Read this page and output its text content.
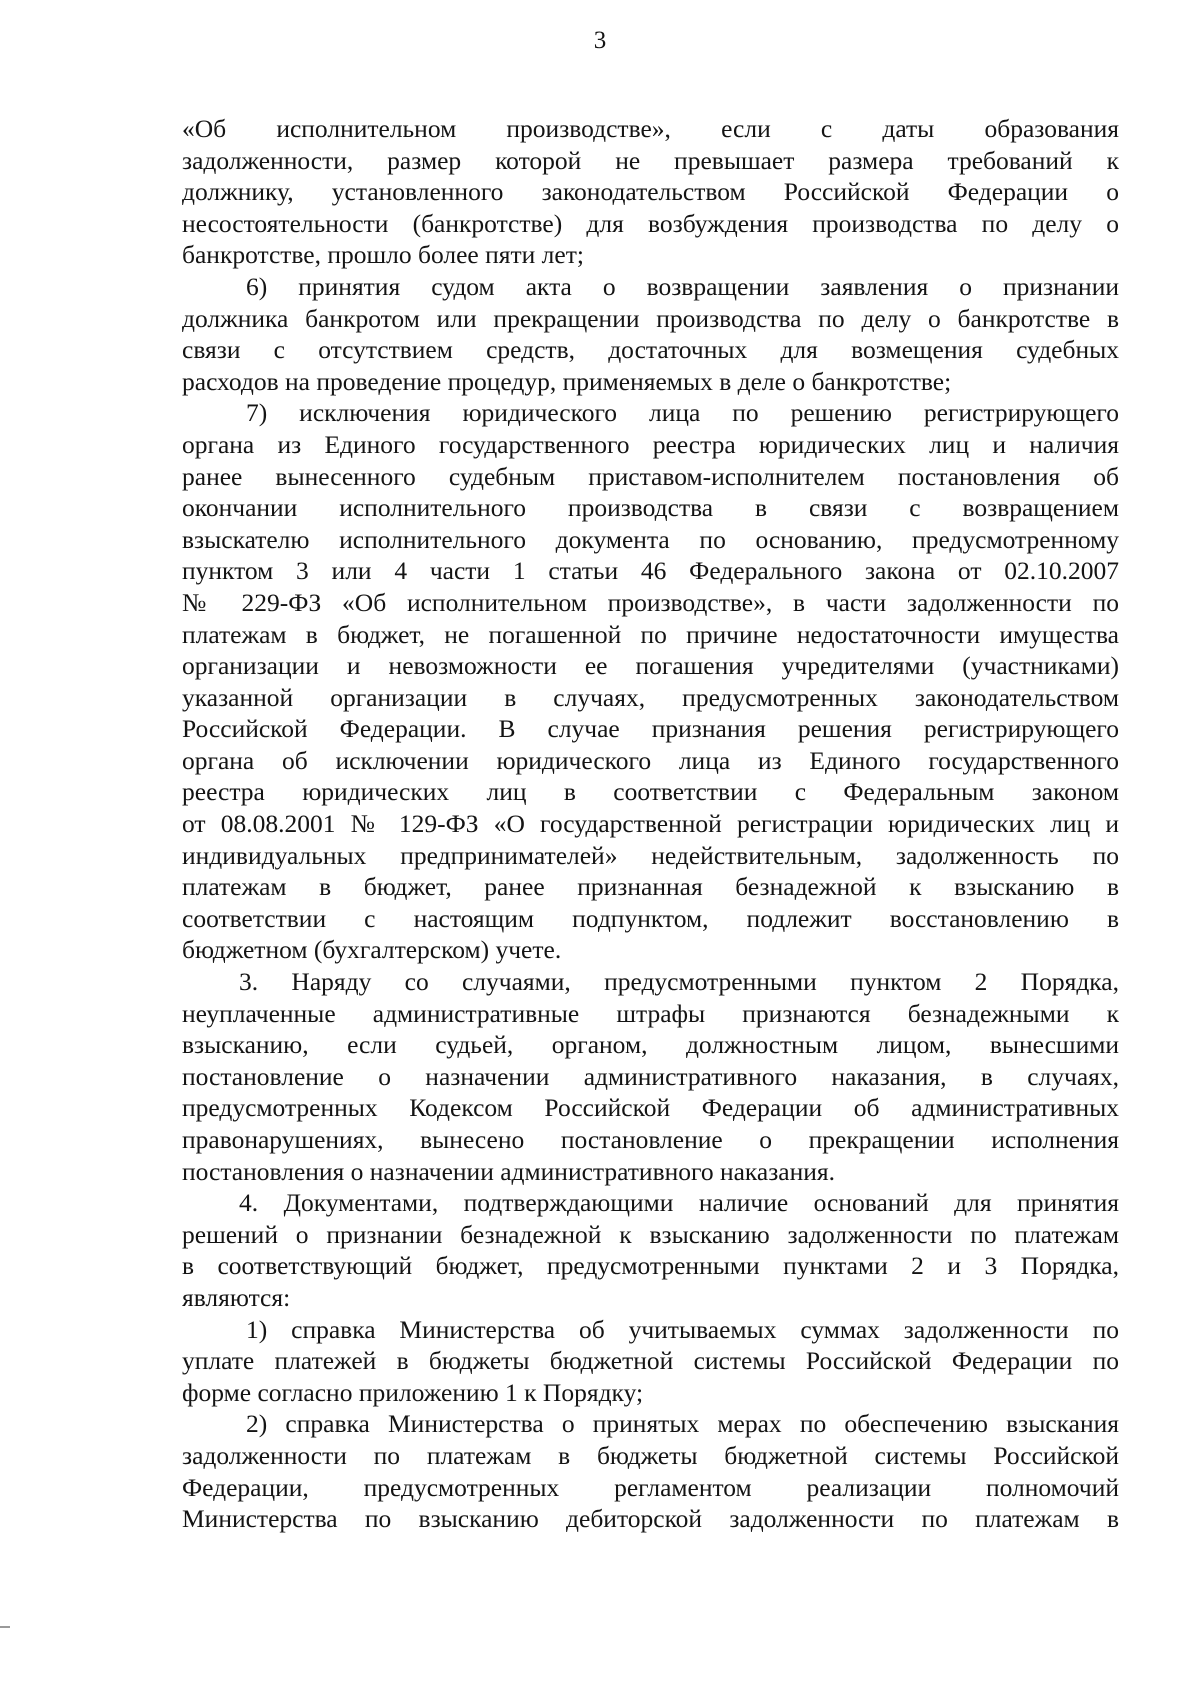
3
«Об исполнительном производстве», если с даты образования
задолженности, размер которой не превышает размера требований к
должнику, установленного законодательством Российской Федерации о
несостоятельности (банкротстве) для возбуждения производства по делу о
банкротстве, прошло более пяти лет;
6) принятия судом акта о возвращении заявления о признании
должника банкротом или прекращении производства по делу о банкротстве в
связи с отсутствием средств, достаточных для возмещения судебных
расходов на проведение процедур, применяемых в деле о банкротстве;
7) исключения юридического лица по решению регистрирующего
органа из Единого государственного реестра юридических лиц и наличия
ранее вынесенного судебным приставом-исполнителем постановления об
окончании исполнительного производства в связи с возвращением
взыскателю исполнительного документа по основанию, предусмотренному
пунктом 3 или 4 части 1 статьи 46 Федерального закона от 02.10.2007
№ 229-ФЗ «Об исполнительном производстве», в части задолженности по
платежам в бюджет, не погашенной по причине недостаточности имущества
организации и невозможности ее погашения учредителями (участниками)
указанной организации в случаях, предусмотренных законодательством
Российской Федерации. В случае признания решения регистрирующего
органа об исключении юридического лица из Единого государственного
реестра юридических лиц в соответствии с Федеральным законом
от 08.08.2001 № 129-ФЗ «О государственной регистрации юридических лиц и
индивидуальных предпринимателей» недействительным, задолженность по
платежам в бюджет, ранее признанная безнадежной к взысканию в
соответствии с настоящим подпунктом, подлежит восстановлению в
бюджетном (бухгалтерском) учете.
3. Наряду со случаями, предусмотренными пунктом 2 Порядка,
неуплаченные административные штрафы признаются безнадежными к
взысканию, если судьей, органом, должностным лицом, вынесшими
постановление о назначении административного наказания, в случаях,
предусмотренных Кодексом Российской Федерации об административных
правонарушениях, вынесено постановление о прекращении исполнения
постановления о назначении административного наказания.
4. Документами, подтверждающими наличие оснований для принятия
решений о признании безнадежной к взысканию задолженности по платежам
в соответствующий бюджет, предусмотренными пунктами 2 и 3 Порядка,
являются:
1) справка Министерства об учитываемых суммах задолженности по
уплате платежей в бюджеты бюджетной системы Российской Федерации по
форме согласно приложению 1 к Порядку;
2) справка Министерства о принятых мерах по обеспечению взыскания
задолженности по платежам в бюджеты бюджетной системы Российской
Федерации, предусмотренных регламентом реализации полномочий
Министерства по взысканию дебиторской задолженности по платежам в
